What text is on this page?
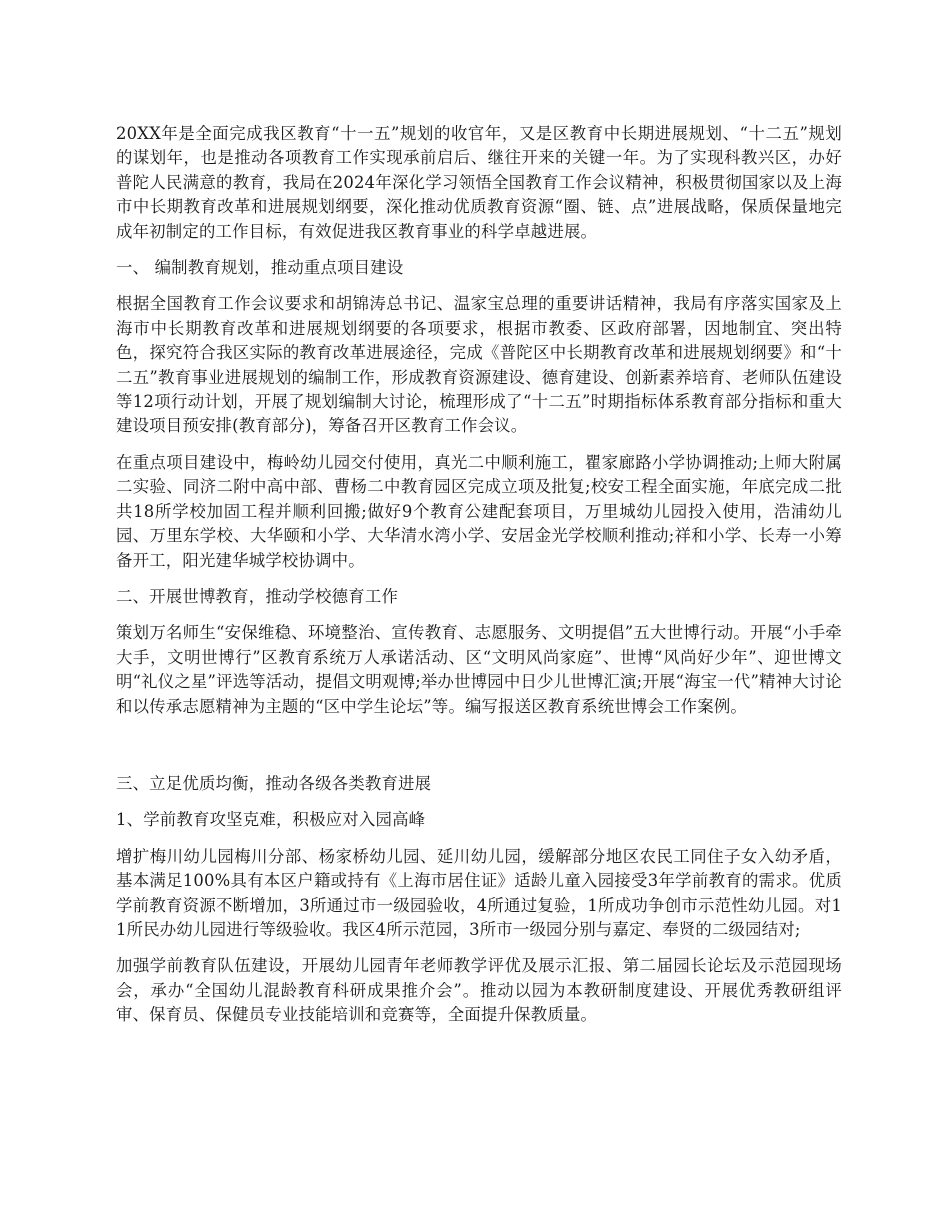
20XX年是全面完成我区教育“十一五”规划的收官年，又是区教育中长期进展规划、“十二五”规划的谋划年，也是推动各项教育工作实现承前启后、继往开来的关键一年。为了实现科教兴区，办好普陀人民满意的教育，我局在2024年深化学习领悟全国教育工作会议精神，积极贯彻国家以及上海市中长期教育改革和进展规划纲要，深化推动优质教育资源“圈、链、点”进展战略，保质保量地完成年初制定的工作目标，有效促进我区教育事业的科学卓越进展。

一、 编制教育规划，推动重点项目建设

根据全国教育工作会议要求和胡锦涛总书记、温家宝总理的重要讲话精神，我局有序落实国家及上海市中长期教育改革和进展规划纲要的各项要求，根据市教委、区政府部署，因地制宜、突出特色，探究符合我区实际的教育改革进展途径，完成《普陀区中长期教育改革和进展规划纲要》和“十二五”教育事业进展规划的编制工作，形成教育资源建设、德育建设、创新素养培育、老师队伍建设等12项行动计划，开展了规划编制大讨论，梳理形成了“十二五”时期指标体系教育部分指标和重大建设项目预安排(教育部分)，筹备召开区教育工作会议。

在重点项目建设中，梅岭幼儿园交付使用，真光二中顺利施工，瞿家廊路小学协调推动;上师大附属二实验、同济二附中高中部、曹杨二中教育园区完成立项及批复;校安工程全面实施，年底完成二批共18所学校加固工程并顺利回搬;做好9个教育公建配套项目，万里城幼儿园投入使用，浩浦幼儿园、万里东学校、大华颐和小学、大华清水湾小学、安居金光学校顺利推动;祥和小学、长寿一小筹备开工，阳光建华城学校协调中。

二、开展世博教育，推动学校德育工作

策划万名师生“安保维稳、环境整治、宣传教育、志愿服务、文明提倡”五大世博行动。开展“小手牵大手，文明世博行”区教育系统万人承诺活动、区“文明风尚家庭”、世博“风尚好少年”、迎世博文明“礼仪之星”评选等活动，提倡文明观博;举办世博园中日少儿世博汇演;开展“海宝一代”精神大讨论和以传承志愿精神为主题的“区中学生论坛”等。编写报送区教育系统世博会工作案例。

三、立足优质均衡，推动各级各类教育进展

1、学前教育攻坚克难，积极应对入园高峰

增扩梅川幼儿园梅川分部、杨家桥幼儿园、延川幼儿园，缓解部分地区农民工同住子女入幼矛盾，基本满足100%具有本区户籍或持有《上海市居住证》适龄儿童入园接受3年学前教育的需求。优质学前教育资源不断增加，3所通过市一级园验收，4所通过复验，1所成功争创市示范性幼儿园。对11所民办幼儿园进行等级验收。我区4所示范园，3所市一级园分别与嘉定、奉贤的二级园结对;

加强学前教育队伍建设，开展幼儿园青年老师教学评优及展示汇报、第二届园长论坛及示范园现场会，承办“全国幼儿混龄教育科研成果推介会”。推动以园为本教研制度建设、开展优秀教研组评审、保育员、保健员专业技能培训和竞赛等，全面提升保教质量。
